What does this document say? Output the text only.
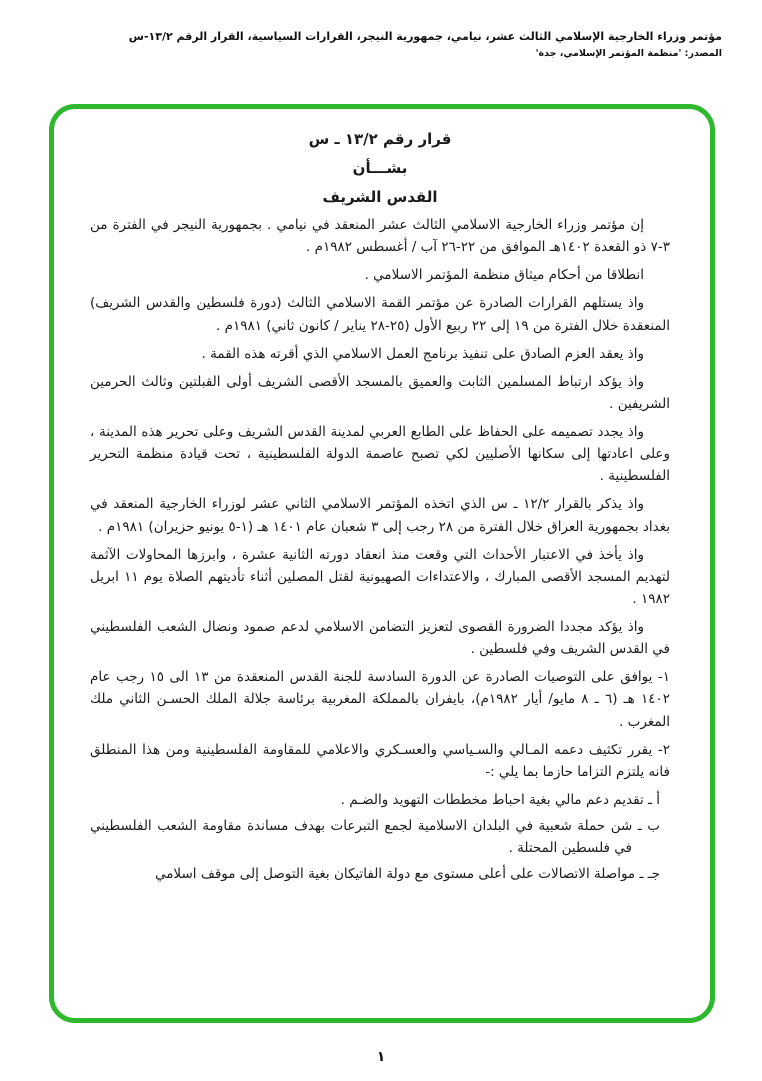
مؤتمر وزراء الخارجية الإسلامي الثالث عشر، نيامي، جمهورية النيجر، القرارات السياسية، القرار الرقم ١٣/٢-س
المصدر: 'منظمة المؤتمر الإسلامي، جدة'
قرار رقم ١٣/٢ ـ س
بشـــأن
القدس الشريف

إن مؤتمر وزراء الخارجية الاسلامي الثالث عشر المنعقد في نيامي . بجمهورية النيجر في الفترة من ٣-٧ ذو القعدة ١٤٠٢هـ الموافق من ٢٢-٢٦ آب / أغسطس ١٩٨٢م .

انطلاقا من أحكام ميثاق منظمة المؤتمر الاسلامي .

واذ يستلهم القرارات الصادرة عن مؤتمر القمة الاسلامي الثالث (دورة فلسطين والقدس الشريف) المنعقدة خلال الفترة من ١٩ إلى ٢٢ ربيع الأول (٢٥-٢٨ يناير / كانون ثاني) ١٩٨١م .

واذ يعقد العزم الصادق على تنفيذ برنامج العمل الاسلامي الذي أقرته هذه القمة .

واذ يؤكد ارتباط المسلمين الثابت والعميق بالمسجد الأقصى الشريف أولى القبلتين وثالث الحرمين الشريفين .

واذ يجدد تصميمه على الحفاظ على الطابع العربي لمدينة القدس الشريف وعلى تحرير هذه المدينة ، وعلى اعادتها إلى سكانها الأصليين لكي تصبح عاصمة الدولة الفلسطينية ، تحت قيادة منظمة التحرير الفلسطينية .

واذ يذكر بالقرار ١٢/٢ ـ س الذي اتخذه المؤتمر الاسلامي الثاني عشر لوزراء الخارجية المنعقد في بغداد بجمهورية العراق خلال الفترة من ٢٨ رجب إلى ٣ شعبان عام ١٤٠١ هـ (١-٥ يونيو حزيران) ١٩٨١م .

واذ يأخذ في الاعتبار الأحداث التي وقعت منذ انعقاد دورته الثانية عشرة ، وابرزها المحاولات الآثمة لتهديم المسجد الأقصى المبارك ، والاعتداءات الصهيونية لقتل المصلين أثناء تأديتهم الصلاة يوم ١١ ابريل ١٩٨٢ .

واذ يؤكد مجددا الضرورة القصوى لتعزيز التضامن الاسلامي لدعم صمود ونضال الشعب الفلسطيني في القدس الشريف وفي فلسطين .

١- يوافق على التوصيات الصادرة عن الدورة السادسة للجنة القدس المنعقدة من ١٣ الى ١٥ رجب عام ١٤٠٢ هـ (٦ ـ ٨ مايو/ أيار ١٩٨٢م)، بايفران بالمملكة المغربية برئاسة جلالة الملك الحسـن الثاني ملك المغرب .

٢- يقرر تكثيف دعمه المـالي والسـياسي والعسـكري والاعلامي للمقاومة الفلسطينية ومن هذا المنطلق فانه يلتزم التزاما حازما بما يلي :-

أ ـ تقديم دعم مالي بغية احباط مخططات التهويد والضـم .

ب ـ شن حملة شعبية في البلدان الاسلامية لجمع التبرعات بهدف مساندة مقاومة الشعب الفلسطيني في فلسطين المحتلة .

جـ ـ مواصلة الاتصالات على أعلى مستوى مع دولة الفاتيكان بغية التوصل إلى موقف اسلامي

١
